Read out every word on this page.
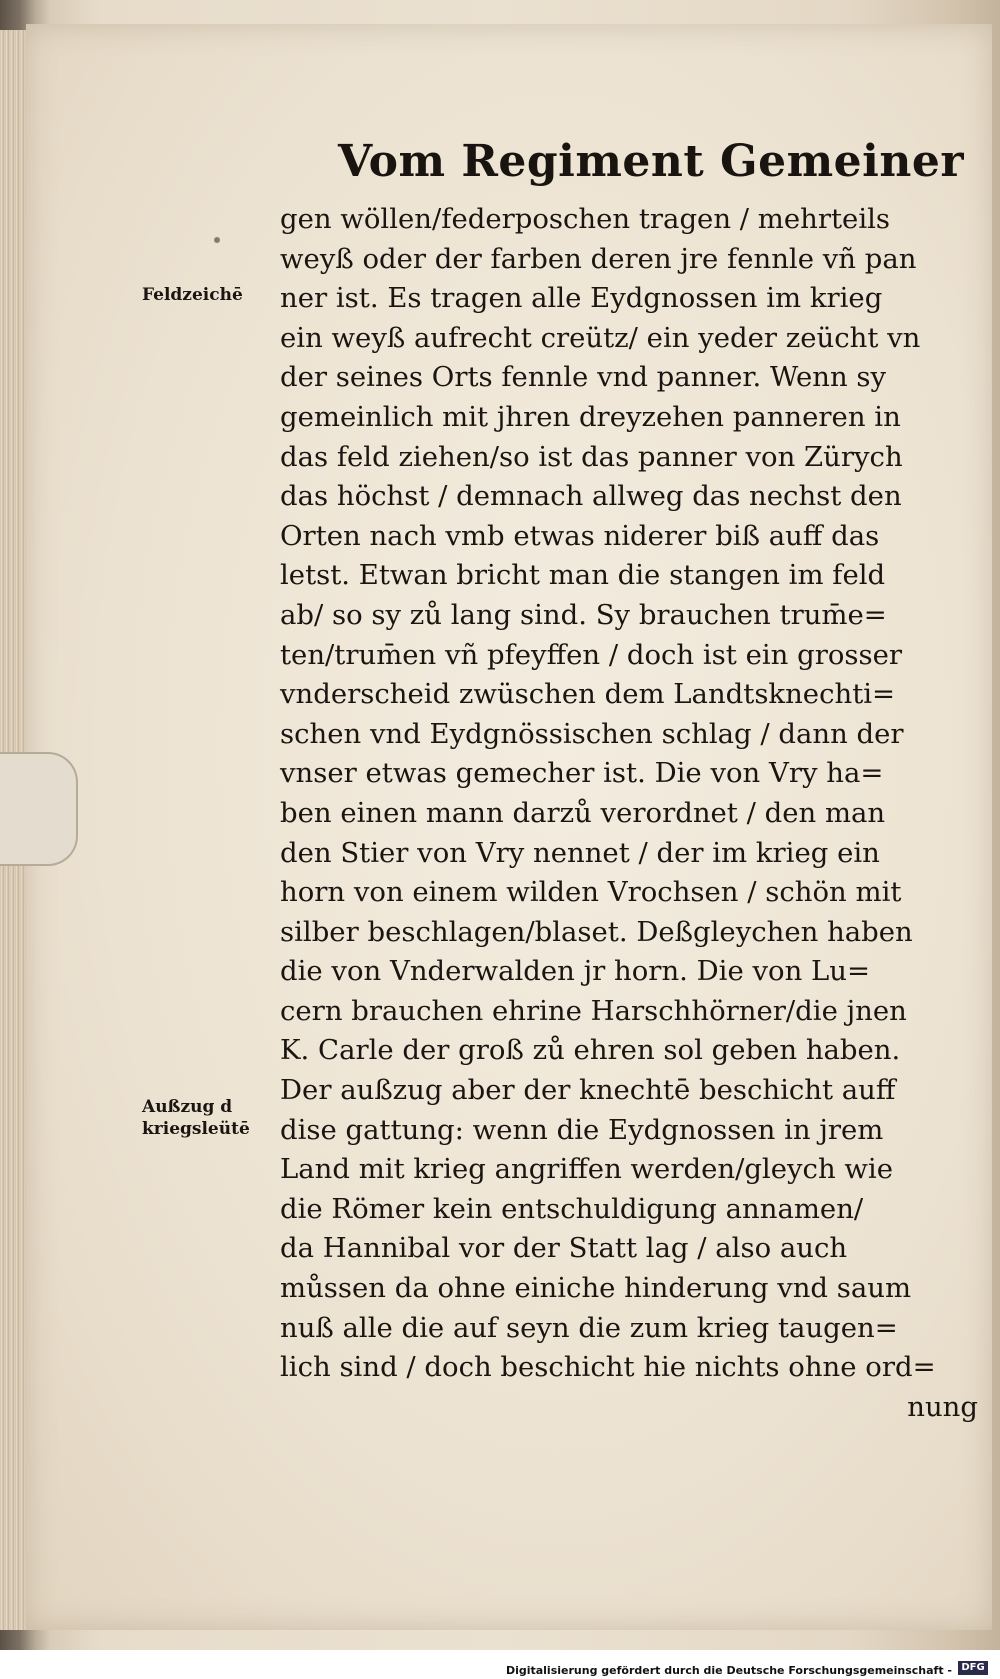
Vom Regiment Gemeiner
Feldzeichē
Außzug d
kriegsleütē
gen wöllen/federposchen tragen / mehrteils
weyß oder der farben deren jre fennle vñ pan
ner ist. Es tragen alle Eydgnossen im krieg
ein weyß aufrecht creütz/ ein yeder zeücht vn
der seines Orts fennle vnd panner. Wenn sy
gemeinlich mit jhren dreyzehen panneren in
das feld ziehen/so ist das panner von Zürych
das höchst / demnach allweg das nechst den
Orten nach vmb etwas niderer biß auff das
letst. Etwan bricht man die stangen im feld
ab/ so sy zů lang sind. Sy brauchen trum̄e=
ten/trum̄en vñ pfeyffen / doch ist ein grosser
vnderscheid zwüschen dem Landtsknechti=
schen vnd Eydgnössischen schlag / dann der
vnser etwas gemecher ist. Die von Vry ha=
ben einen mann darzů verordnet / den man
den Stier von Vry nennet / der im krieg ein
horn von einem wilden Vrochsen / schön mit
silber beschlagen/blaset. Deßgleychen haben
die von Vnderwalden jr horn. Die von Lu=
cern brauchen ehrine Harschhörner/die jnen
K. Carle der groß zů ehren sol geben haben.
Der außzug aber der knechtē beschicht auff
dise gattung: wenn die Eydgnossen in jrem
Land mit krieg angriffen werden/gleych wie
die Römer kein entschuldigung annamen/
da Hannibal vor der Statt lag / also auch
můssen da ohne einiche hinderung vnd saum
nuß alle die auf seyn die zum krieg taugen=
lich sind / doch beschicht hie nichts ohne ord=
nung
Digitalisierung gefördert durch die Deutsche Forschungsgemeinschaft - DFG
